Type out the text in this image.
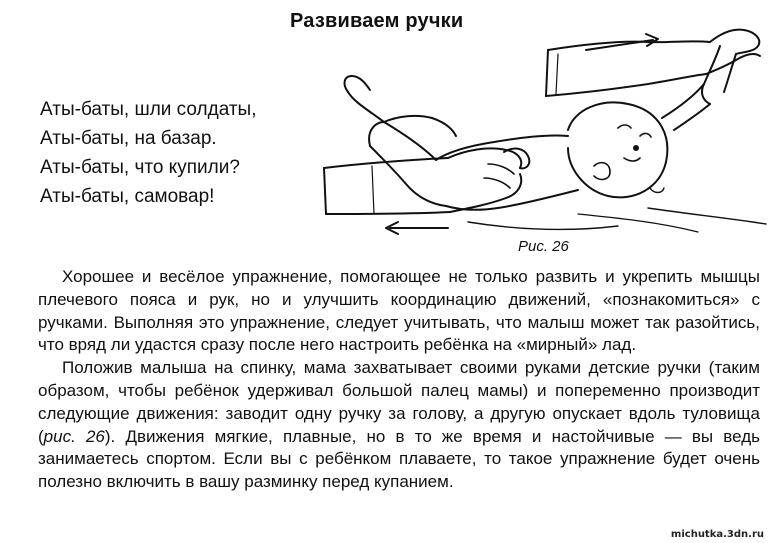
Развиваем ручки
Аты-баты, шли солдаты,
Аты-баты, на базар.
Аты-баты, что купили?
Аты-баты, самовар!
Рис. 26

Хорошее и весёлое упражнение, помогающее не только развить и укрепить мышцы плечевого пояса и рук, но и улучшить координацию движений, «познакомиться» с ручками. Выполняя это упражнение, следует учитывать, что малыш может так разойтись, что вряд ли удастся сразу после него настроить ребёнка на «мирный» лад.

Положив малыша на спинку, мама захватывает своими руками детские ручки (таким образом, чтобы ребёнок удерживал большой палец мамы) и попеременно производит следующие движения: заводит одну ручку за голову, а другую опускает вдоль туловища (рис. 26). Движения мягкие, плавные, но в то же время и настойчивые — вы ведь занимаетесь спортом. Если вы с ребёнком плаваете, то такое упражнение будет очень полезно включить в вашу разминку перед купанием.

michutka.3dn.ru
